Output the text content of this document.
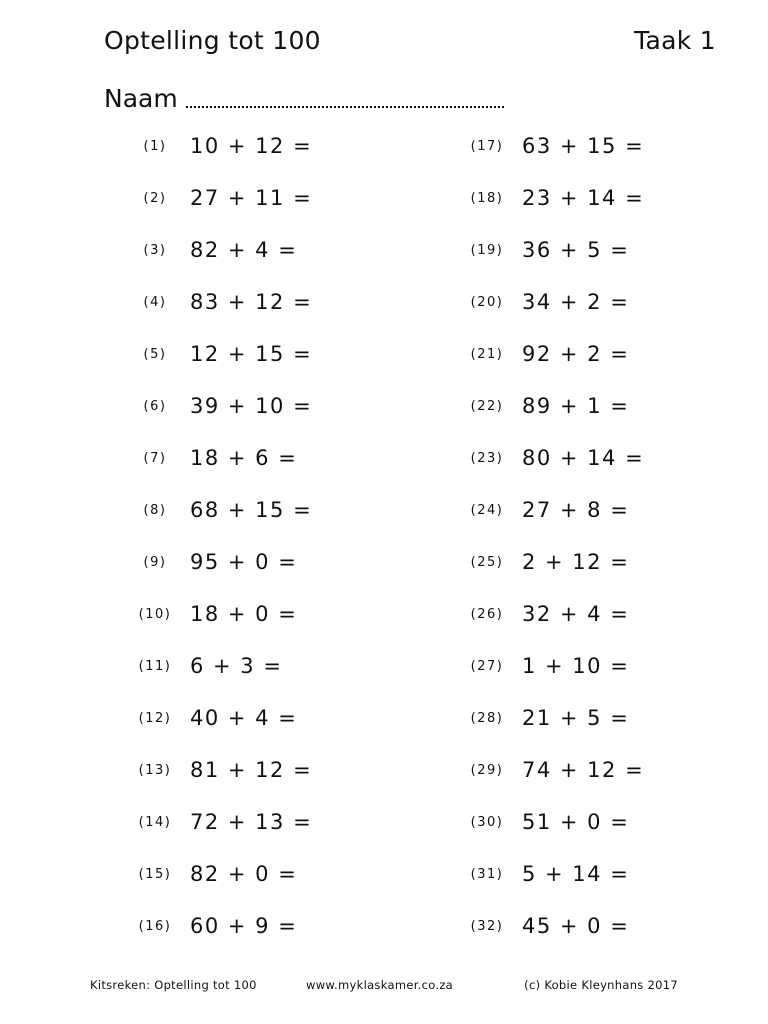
Optelling tot 100	Taak 1
Naam
(1)	10 + 12 =
(2)	27 + 11 =
(3)	82 + 4 =
(4)	83 + 12 =
(5)	12 + 15 =
(6)	39 + 10 =
(7)	18 + 6 =
(8)	68 + 15 =
(9)	95 + 0 =
(10) 18 + 0 =
(11) 6 + 3 =
(12) 40 + 4 =
(13) 81 + 12 =
(14) 72 + 13 =
(15) 82 + 0 =
(16) 60 + 9 =
(17) 63 + 15 =
(18) 23 + 14 =
(19) 36 + 5 =
(20) 34 + 2 =
(21) 92 + 2 =
(22) 89 + 1 =
(23) 80 + 14 =
(24) 27 + 8 =
(25) 2 + 12 =
(26) 32 + 4 =
(27) 1 + 10 =
(28) 21 + 5 =
(29) 74 + 12 =
(30) 51 + 0 =
(31) 5 + 14 =
(32) 45 + 0 =
Kitsreken: Optelling tot 100	www.myklaskamer.co.za	(c) Kobie Kleynhans 2017
